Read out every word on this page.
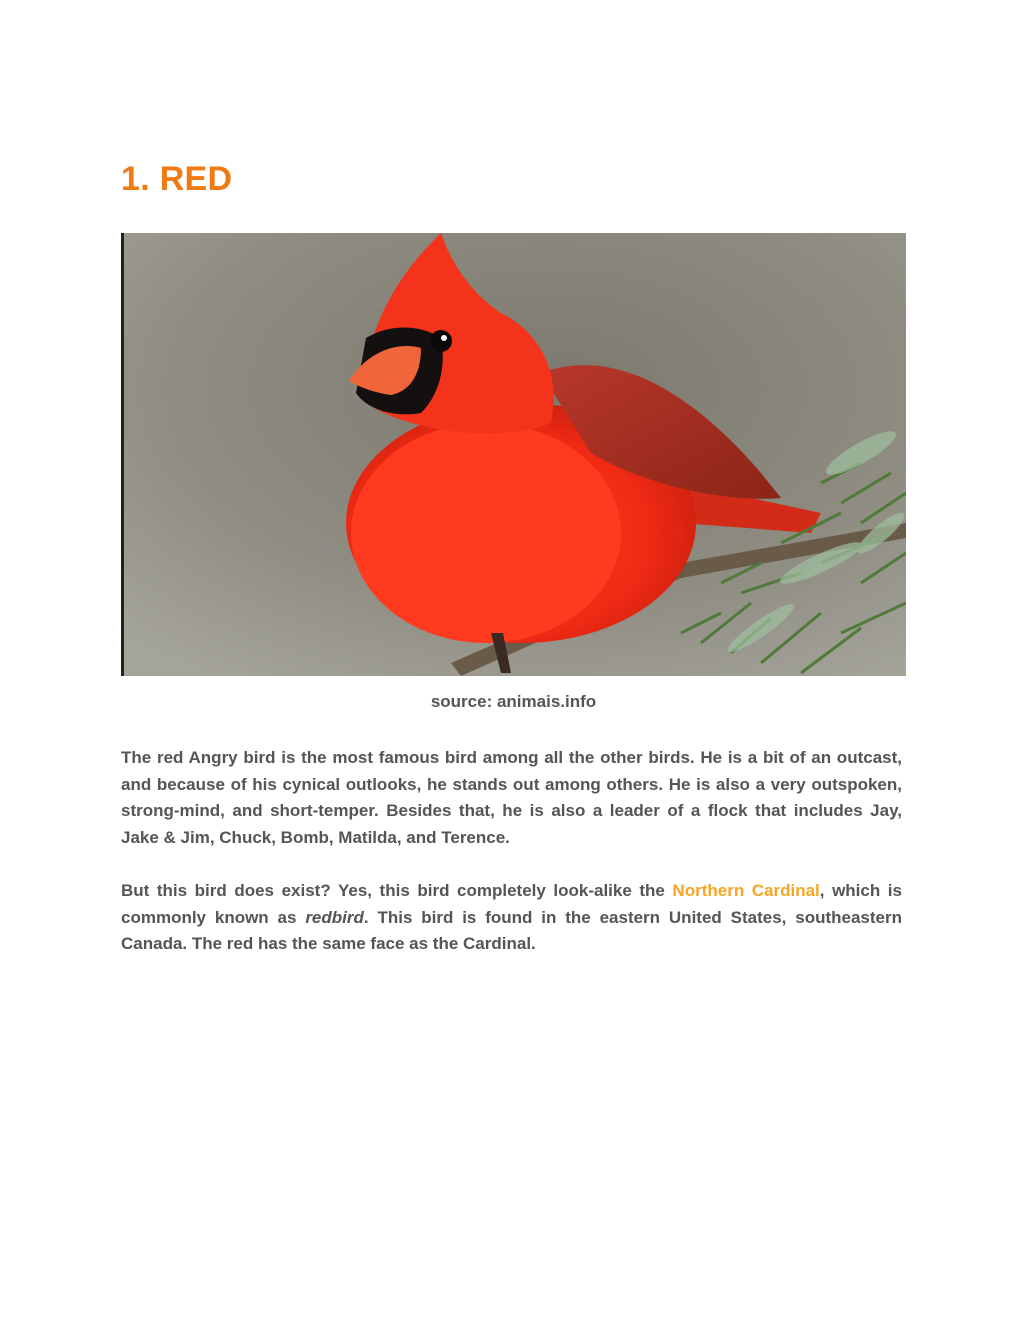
1. RED
source: animais.info

The red Angry bird is the most famous bird among all the other birds. He is a bit of an outcast, and because of his cynical outlooks, he stands out among others. He is also a very outspoken, strong-mind, and short-temper. Besides that, he is also a leader of a flock that includes Jay, Jake & Jim, Chuck, Bomb, Matilda, and Terence.

But this bird does exist? Yes, this bird completely look-alike the Northern Cardinal, which is commonly known as redbird. This bird is found in the eastern United States, southeastern Canada. The red has the same face as the Cardinal.
